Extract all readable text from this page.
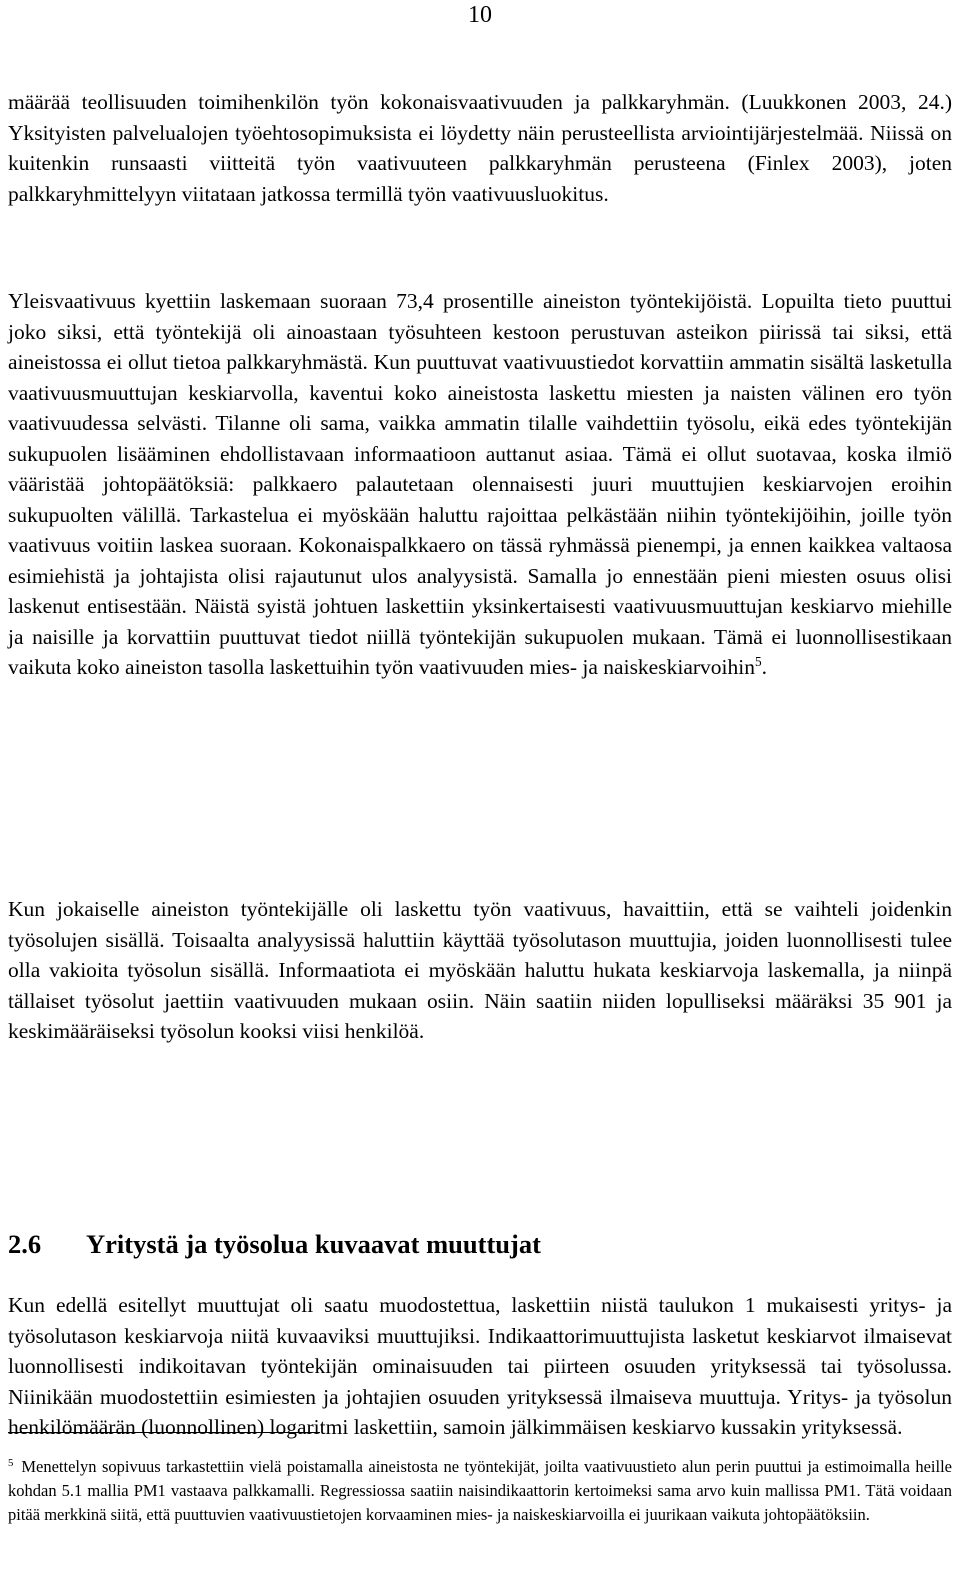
10

määrää teollisuuden toimihenkilön työn kokonaisvaativuuden ja palkkaryhmän. (Luukkonen 2003, 24.) Yksityisten palvelualojen työehtosopimuksista ei löydetty näin perusteellista arviointijärjestelmää. Niissä on kuitenkin runsaasti viitteitä työn vaativuuteen palkkaryhmän perusteena (Finlex 2003), joten palkkaryhmittelyyn viitataan jatkossa termillä työn vaativuusluokitus.

Yleisvaativuus kyettiin laskemaan suoraan 73,4 prosentille aineiston työntekijöistä. Lopuilta tieto puuttui joko siksi, että työntekijä oli ainoastaan työsuhteen kestoon perustuvan asteikon piirissä tai siksi, että aineistossa ei ollut tietoa palkkaryhmästä. Kun puuttuvat vaativuustiedot korvattiin ammatin sisältä lasketulla vaativuusmuuttujan keskiarvolla, kaventui koko aineistosta laskettu miesten ja naisten välinen ero työn vaativuudessa selvästi. Tilanne oli sama, vaikka ammatin tilalle vaihdettiin työsolu, eikä edes työntekijän sukupuolen lisääminen ehdollistavaan informaatioon auttanut asiaa. Tämä ei ollut suotavaa, koska ilmiö vääristää johtopäätöksiä: palkkaero palautetaan olennaisesti juuri muuttujien keskiarvojen eroihin sukupuolten välillä. Tarkastelua ei myöskään haluttu rajoittaa pelkästään niihin työntekijöihin, joille työn vaativuus voitiin laskea suoraan. Kokonaispalkkaero on tässä ryhmässä pienempi, ja ennen kaikkea valtaosa esimiehistä ja johtajista olisi rajautunut ulos analyysistä. Samalla jo ennestään pieni miesten osuus olisi laskenut entisestään. Näistä syistä johtuen laskettiin yksinkertaisesti vaativuusmuuttujan keskiarvo miehille ja naisille ja korvattiin puuttuvat tiedot niillä työntekijän sukupuolen mukaan. Tämä ei luonnollisestikaan vaikuta koko aineiston tasolla laskettuihin työn vaativuuden mies- ja naiskeskiarvoihin$^5$.

Kun jokaiselle aineiston työntekijälle oli laskettu työn vaativuus, havaittiin, että se vaihteli joidenkin työsolujen sisällä. Toisaalta analyysissä haluttiin käyttää työsolutason muuttujia, joiden luonnollisesti tulee olla vakioita työsolun sisällä. Informaatiota ei myöskään haluttu hukata keskiarvoja laskemalla, ja niinpä tällaiset työsolut jaettiin vaativuuden mukaan osiin. Näin saatiin niiden lopulliseksi määräksi 35 901 ja keskimääräiseksi työsolun kooksi viisi henkilöä.

2.6 Yritystä ja työsolua kuvaavat muuttujat

Kun edellä esitellyt muuttujat oli saatu muodostettua, laskettiin niistä taulukon 1 mukaisesti yritys- ja työsolutason keskiarvoja niitä kuvaaviksi muuttujiksi. Indikaattorimuuttujista lasketut keskiarvot ilmaisevat luonnollisesti indikoitavan työntekijän ominaisuuden tai piirteen osuuden yrityksessä tai työsolussa. Niinikään muodostettiin esimiesten ja johtajien osuuden yrityksessä ilmaiseva muuttuja. Yritys- ja työsolun henkilömäärän (luonnollinen) logaritmi laskettiin, samoin jälkimmäisen keskiarvo kussakin yrityksessä.

$^5$ Menettelyn sopivuus tarkastettiin vielä poistamalla aineistosta ne työntekijät, joilta vaativuustieto alun perin puuttui ja estimoimalla heille kohdan 5.1 mallia PM1 vastaava palkkamalli. Regressiossa saatiin naisindikaattorin kertoimeksi sama arvo kuin mallissa PM1. Tätä voidaan pitää merkkinä siitä, että puuttuvien vaativuustietojen korvaaminen mies- ja naiskeskiarvoilla ei juurikaan vaikuta johtopäätöksiin.
